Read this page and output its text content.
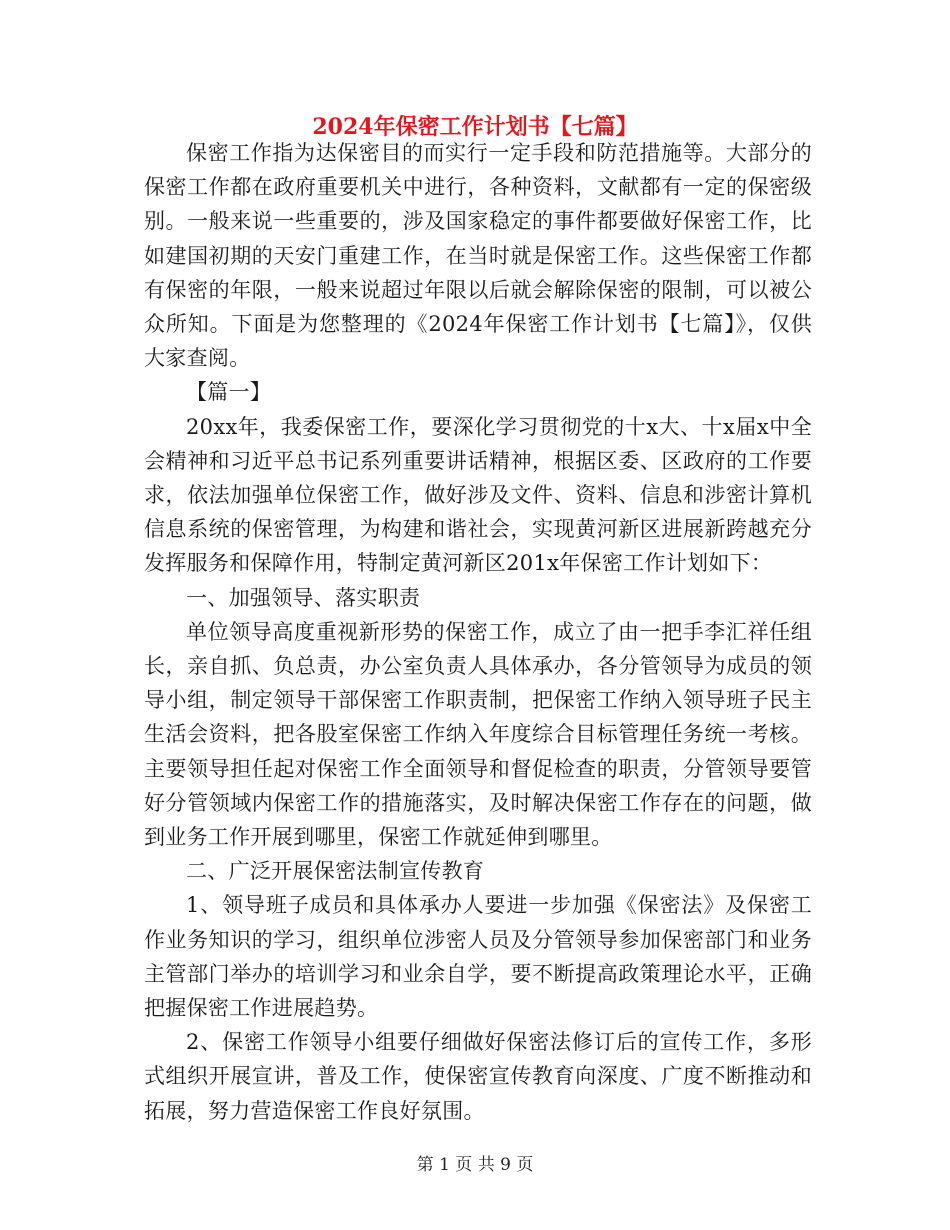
2024年保密工作计划书【七篇】

保密工作指为达保密目的而实行一定手段和防范措施等。大部分的保密工作都在政府重要机关中进行，各种资料，文献都有一定的保密级别。一般来说一些重要的，涉及国家稳定的事件都要做好保密工作，比如建国初期的天安门重建工作，在当时就是保密工作。这些保密工作都有保密的年限，一般来说超过年限以后就会解除保密的限制，可以被公众所知。下面是为您整理的《2024年保密工作计划书【七篇】》，仅供大家查阅。

【篇一】

20xx年，我委保密工作，要深化学习贯彻党的十x大、十x届x中全会精神和习近平总书记系列重要讲话精神，根据区委、区政府的工作要求，依法加强单位保密工作，做好涉及文件、资料、信息和涉密计算机信息系统的保密管理，为构建和谐社会，实现黄河新区进展新跨越充分发挥服务和保障作用，特制定黄河新区201x年保密工作计划如下：

一、加强领导、落实职责

单位领导高度重视新形势的保密工作，成立了由一把手李汇祥任组长，亲自抓、负总责，办公室负责人具体承办，各分管领导为成员的领导小组，制定领导干部保密工作职责制，把保密工作纳入领导班子民主生活会资料，把各股室保密工作纳入年度综合目标管理任务统一考核。主要领导担任起对保密工作全面领导和督促检查的职责，分管领导要管好分管领域内保密工作的措施落实，及时解决保密工作存在的问题，做到业务工作开展到哪里，保密工作就延伸到哪里。

二、广泛开展保密法制宣传教育

1、领导班子成员和具体承办人要进一步加强《保密法》及保密工作业务知识的学习，组织单位涉密人员及分管领导参加保密部门和业务主管部门举办的培训学习和业余自学，要不断提高政策理论水平，正确把握保密工作进展趋势。

2、保密工作领导小组要仔细做好保密法修订后的宣传工作，多形式组织开展宣讲，普及工作，使保密宣传教育向深度、广度不断推动和拓展，努力营造保密工作良好氛围。

第 1 页 共 9 页
